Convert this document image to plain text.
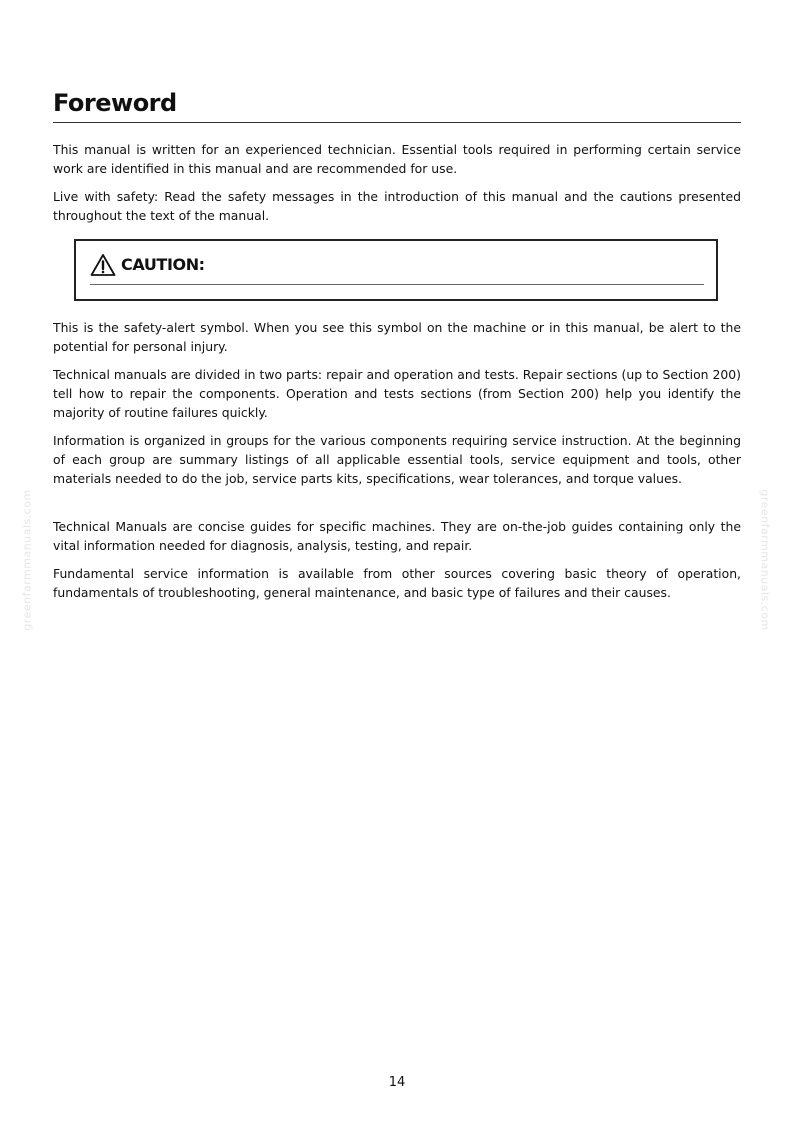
Foreword

This manual is written for an experienced technician. Essential tools required in performing certain service work are identified in this manual and are recommended for use.

Live with safety: Read the safety messages in the introduction of this manual and the cautions presented throughout the text of the manual.

CAUTION:

This is the safety-alert symbol. When you see this symbol on the machine or in this manual, be alert to the potential for personal injury.

Technical manuals are divided in two parts: repair and operation and tests. Repair sections (up to Section 200) tell how to repair the components. Operation and tests sections (from Section 200) help you identify the majority of routine failures quickly.

Information is organized in groups for the various components requiring service instruction. At the beginning of each group are summary listings of all applicable essential tools, service equipment and tools, other materials needed to do the job, service parts kits, specifications, wear tolerances, and torque values.

Technical Manuals are concise guides for specific machines. They are on-the-job guides containing only the vital information needed for diagnosis, analysis, testing, and repair.

Fundamental service information is available from other sources covering basic theory of operation, fundamentals of troubleshooting, general maintenance, and basic type of failures and their causes.

greenfarmmanuals.com	greenfarmmanuals.com
14
